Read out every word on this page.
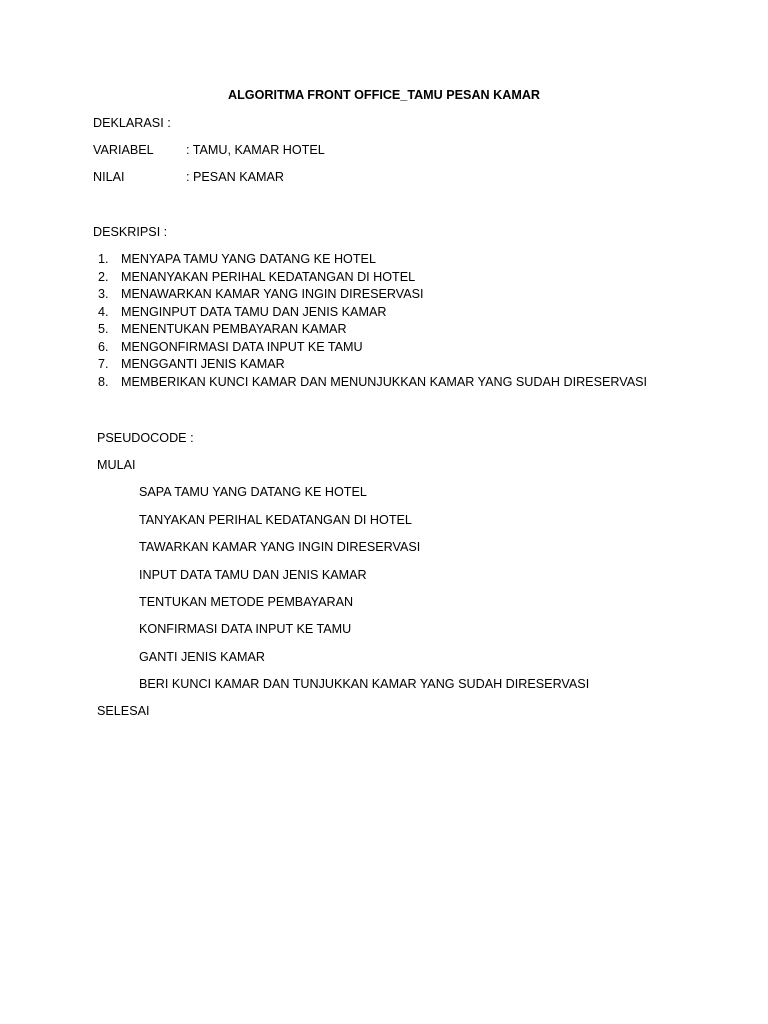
ALGORITMA FRONT OFFICE_TAMU PESAN KAMAR
DEKLARASI :
VARIABEL	: TAMU, KAMAR HOTEL
NILAI	: PESAN KAMAR
DESKRIPSI :
1. MENYAPA TAMU YANG DATANG KE HOTEL
2. MENANYAKAN PERIHAL KEDATANGAN DI HOTEL
3. MENAWARKAN KAMAR YANG INGIN DIRESERVASI
4. MENGINPUT DATA TAMU DAN JENIS KAMAR
5. MENENTUKAN PEMBAYARAN KAMAR
6. MENGONFIRMASI DATA INPUT KE TAMU
7. MENGGANTI JENIS KAMAR
8. MEMBERIKAN KUNCI KAMAR DAN MENUNJUKKAN KAMAR YANG SUDAH DIRESERVASI
PSEUDOCODE :
MULAI
SAPA TAMU YANG DATANG KE HOTEL
TANYAKAN PERIHAL KEDATANGAN DI HOTEL
TAWARKAN KAMAR YANG INGIN DIRESERVASI
INPUT DATA TAMU DAN JENIS KAMAR
TENTUKAN METODE PEMBAYARAN
KONFIRMASI DATA INPUT KE TAMU
GANTI JENIS KAMAR
BERI KUNCI KAMAR DAN TUNJUKKAN KAMAR YANG SUDAH DIRESERVASI
SELESAI
